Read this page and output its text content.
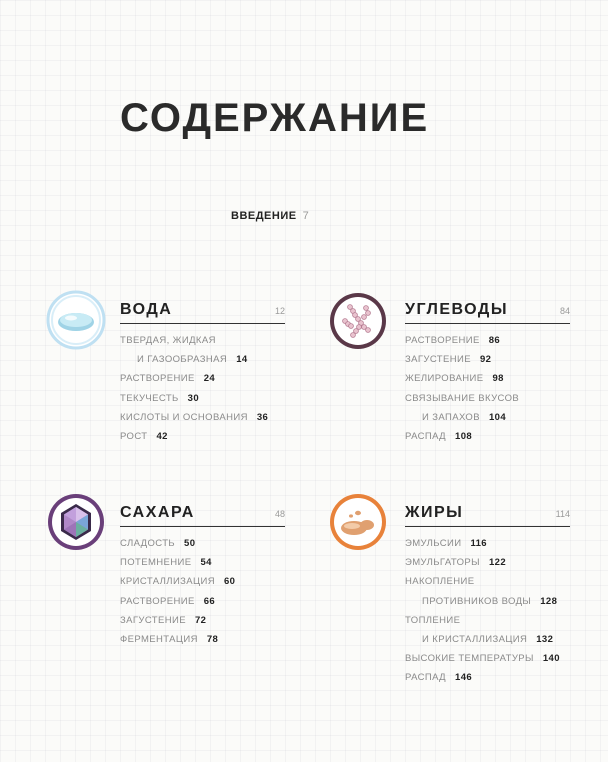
СОДЕРЖАНИЕ
ВВЕДЕНИЕ 7
ВОДА	12
ТВЕРДАЯ, ЖИДКАЯ
И ГАЗООБРАЗНАЯ 14
РАСТВОРЕНИЕ 24
ТЕКУЧЕСТЬ 30
КИСЛОТЫ И ОСНОВАНИЯ 36
РОСТ 42
УГЛЕВОДЫ	84
РАСТВОРЕНИЕ 86
ЗАГУСТЕНИЕ 92
ЖЕЛИРОВАНИЕ 98
СВЯЗЫВАНИЕ ВКУСОВ
И ЗАПАХОВ 104
РАСПАД 108
САХАРА	48
СЛАДОСТЬ 50
ПОТЕМНЕНИЕ 54
КРИСТАЛЛИЗАЦИЯ 60
РАСТВОРЕНИЕ 66
ЗАГУСТЕНИЕ 72
ФЕРМЕНТАЦИЯ 78
ЖИРЫ	114
ЭМУЛЬСИИ 116
ЭМУЛЬГАТОРЫ 122
НАКОПЛЕНИЕ
ПРОТИВНИКОВ ВОДЫ 128
ТОПЛЕНИЕ
И КРИСТАЛЛИЗАЦИЯ 132
ВЫСОКИЕ ТЕМПЕРАТУРЫ 140
РАСПАД 146
